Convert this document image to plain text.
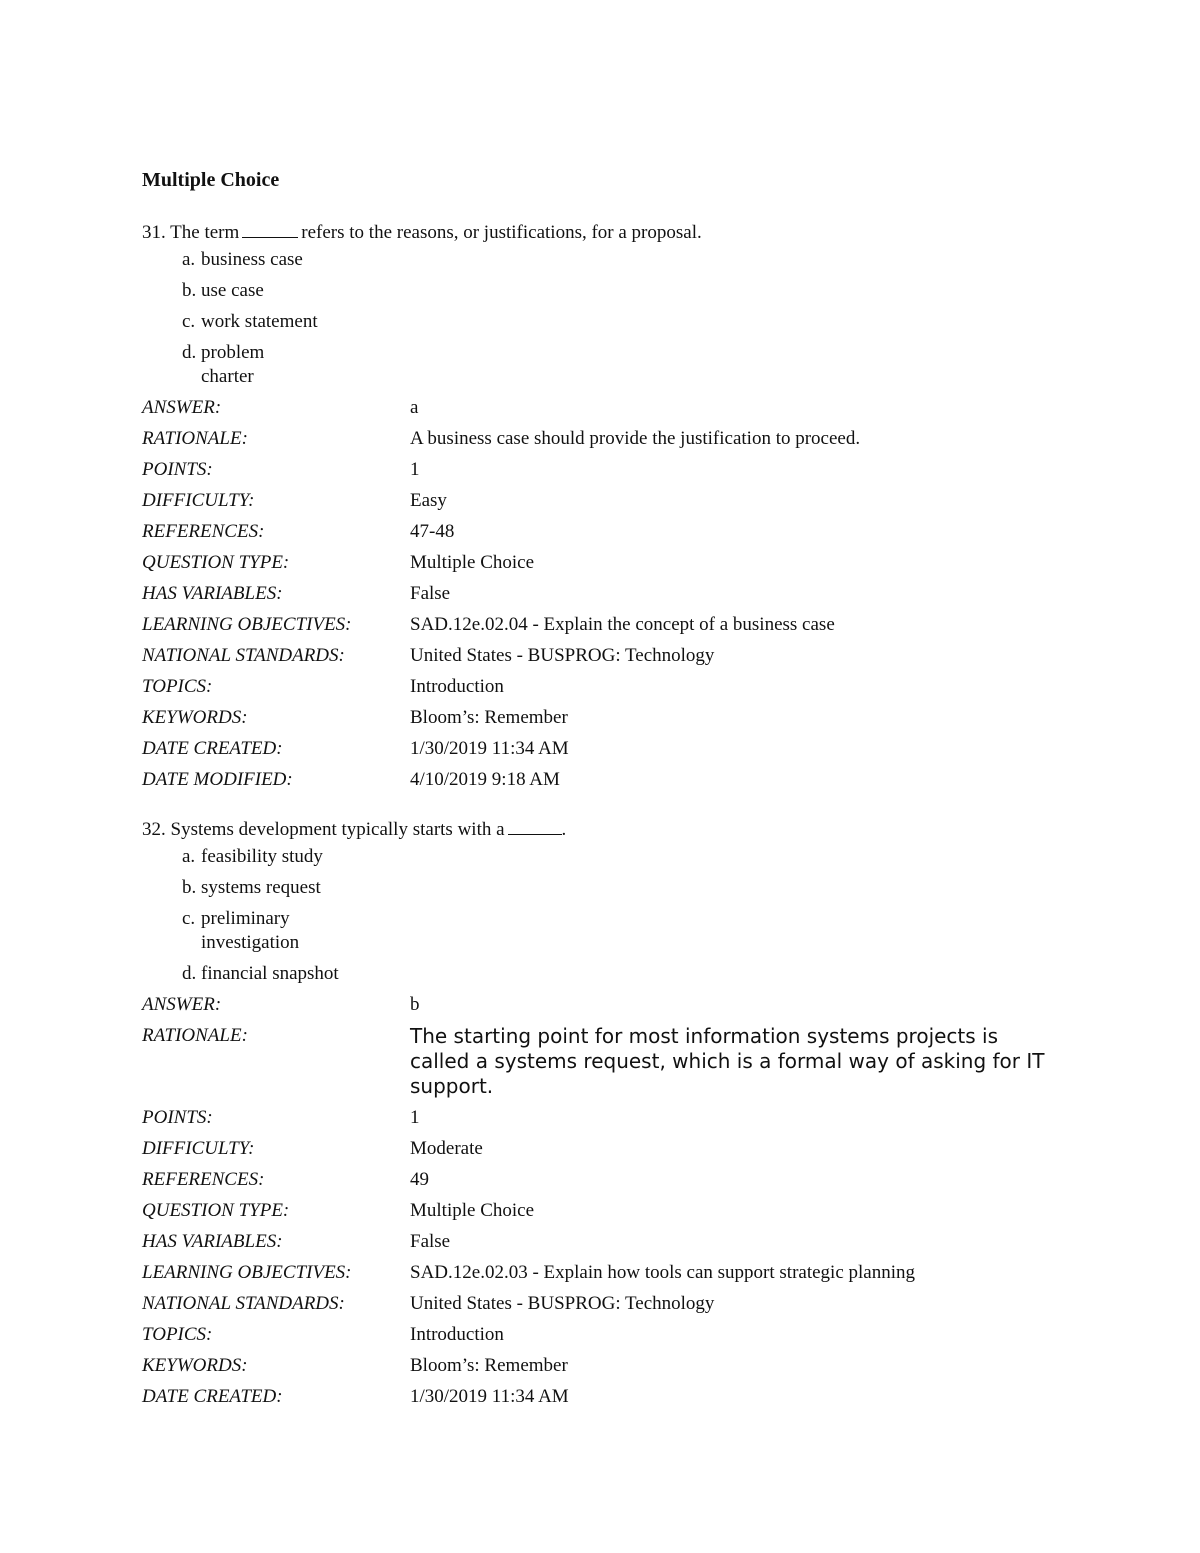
Multiple Choice

31. The term	refers to the reasons, or justifications, for a proposal.

a. business case
b. use case
c. work statement
d. problem charter
ANSWER:	a
RATIONALE:	A business case should provide the justification to proceed.
POINTS:	1
DIFFICULTY:	Easy
REFERENCES:	47-48
QUESTION TYPE:	Multiple Choice
HAS VARIABLES:	False
LEARNING OBJECTIVES:	SAD.12e.02.04 - Explain the concept of a business case
NATIONAL STANDARDS:	United States - BUSPROG: Technology
TOPICS:	Introduction
KEYWORDS:	Bloom’s: Remember
DATE CREATED:	1/30/2019 11:34 AM
DATE MODIFIED:	4/10/2019 9:18 AM

32. Systems development typically starts with a	.

a. feasibility study
b. systems request
c. preliminary investigation
d. financial snapshot
ANSWER:	b
RATIONALE:	The starting point for most information systems projects is called a systems request, which is a formal way of asking for IT support.
POINTS:	1
DIFFICULTY:	Moderate
REFERENCES:	49
QUESTION TYPE:	Multiple Choice
HAS VARIABLES:	False
LEARNING OBJECTIVES:	SAD.12e.02.03 - Explain how tools can support strategic planning
NATIONAL STANDARDS:	United States - BUSPROG: Technology
TOPICS:	Introduction
KEYWORDS:	Bloom’s: Remember
DATE CREATED:	1/30/2019 11:34 AM
